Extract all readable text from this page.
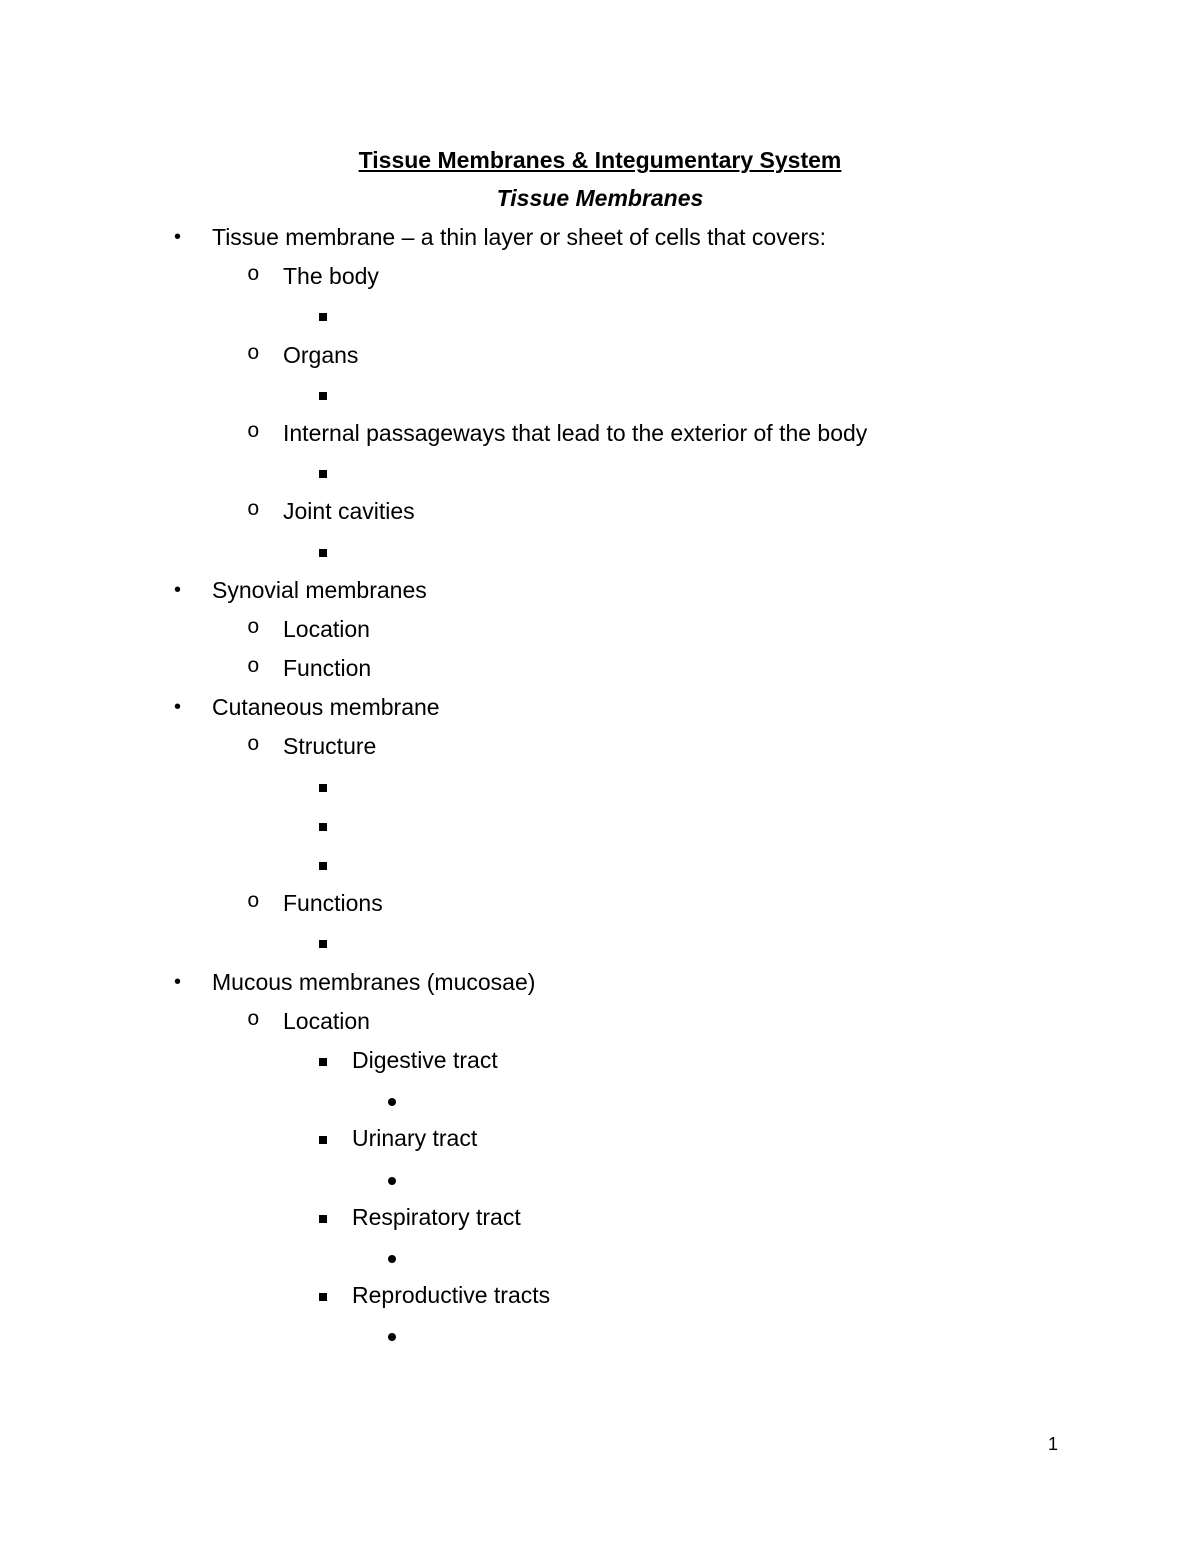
Tissue Membranes & Integumentary System
Tissue Membranes
• Tissue membrane – a thin layer or sheet of cells that covers:
o The body
o Organs
o Internal passageways that lead to the exterior of the body
o Joint cavities
• Synovial membranes
o Location
o Function
• Cutaneous membrane
o Structure
o Functions
• Mucous membranes (mucosae)
o Location
Digestive tract
Urinary tract
Respiratory tract
Reproductive tracts
1
